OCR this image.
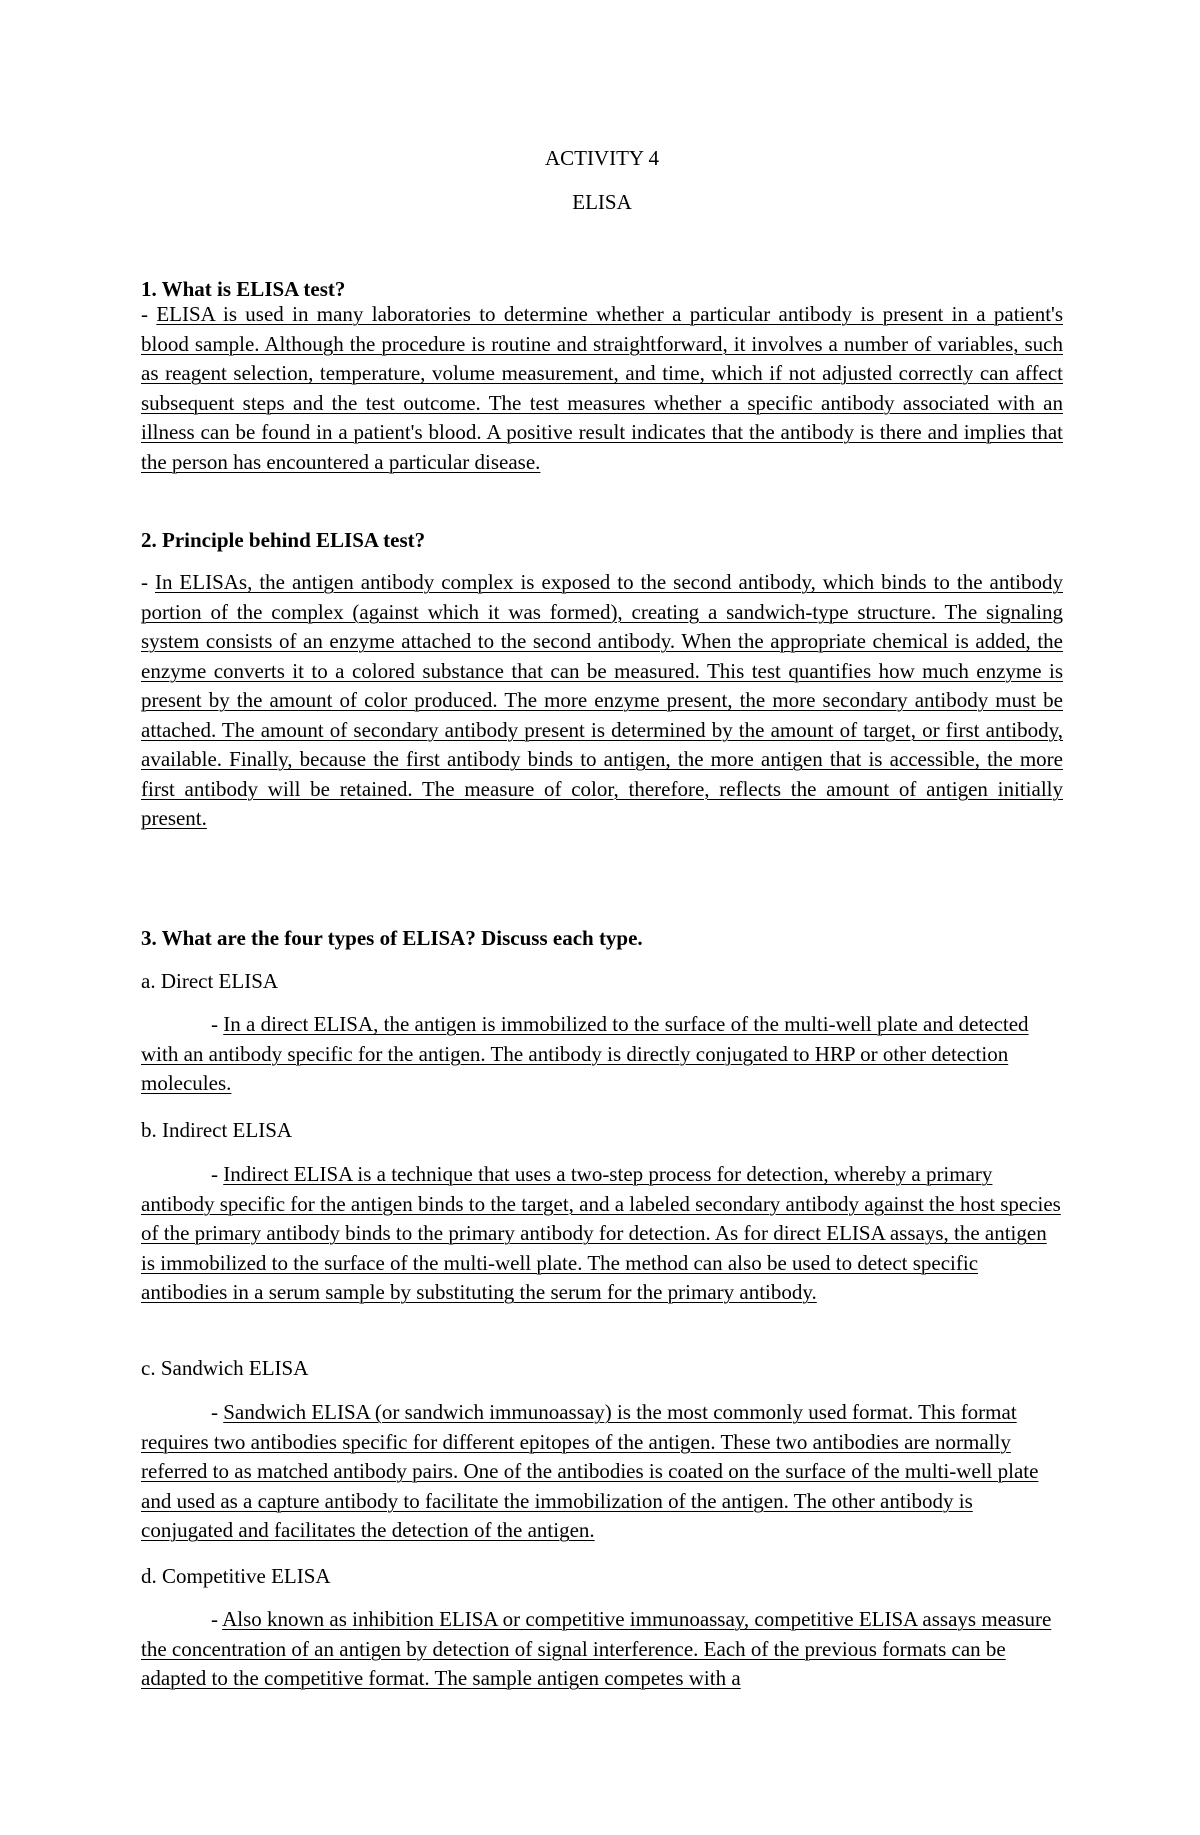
ACTIVITY 4
ELISA
1. What is ELISA test?
- ELISA is used in many laboratories to determine whether a particular antibody is present in a patient's blood sample. Although the procedure is routine and straightforward, it involves a number of variables, such as reagent selection, temperature, volume measurement, and time, which if not adjusted correctly can affect subsequent steps and the test outcome. The test measures whether a specific antibody associated with an illness can be found in a patient's blood. A positive result indicates that the antibody is there and implies that the person has encountered a particular disease.
2. Principle behind ELISA test?
- In ELISAs, the antigen antibody complex is exposed to the second antibody, which binds to the antibody portion of the complex (against which it was formed), creating a sandwich-type structure. The signaling system consists of an enzyme attached to the second antibody. When the appropriate chemical is added, the enzyme converts it to a colored substance that can be measured. This test quantifies how much enzyme is present by the amount of color produced. The more enzyme present, the more secondary antibody must be attached. The amount of secondary antibody present is determined by the amount of target, or first antibody, available. Finally, because the first antibody binds to antigen, the more antigen that is accessible, the more first antibody will be retained. The measure of color, therefore, reflects the amount of antigen initially present.
3. What are the four types of ELISA? Discuss each type.
a. Direct ELISA
- In a direct ELISA, the antigen is immobilized to the surface of the multi-well plate and detected with an antibody specific for the antigen. The antibody is directly conjugated to HRP or other detection molecules.
b. Indirect ELISA
- Indirect ELISA is a technique that uses a two-step process for detection, whereby a primary antibody specific for the antigen binds to the target, and a labeled secondary antibody against the host species of the primary antibody binds to the primary antibody for detection. As for direct ELISA assays, the antigen is immobilized to the surface of the multi-well plate. The method can also be used to detect specific antibodies in a serum sample by substituting the serum for the primary antibody.
c. Sandwich ELISA
- Sandwich ELISA (or sandwich immunoassay) is the most commonly used format. This format requires two antibodies specific for different epitopes of the antigen. These two antibodies are normally referred to as matched antibody pairs. One of the antibodies is coated on the surface of the multi-well plate and used as a capture antibody to facilitate the immobilization of the antigen. The other antibody is conjugated and facilitates the detection of the antigen.
d. Competitive ELISA
- Also known as inhibition ELISA or competitive immunoassay, competitive ELISA assays measure the concentration of an antigen by detection of signal interference. Each of the previous formats can be adapted to the competitive format. The sample antigen competes with a
